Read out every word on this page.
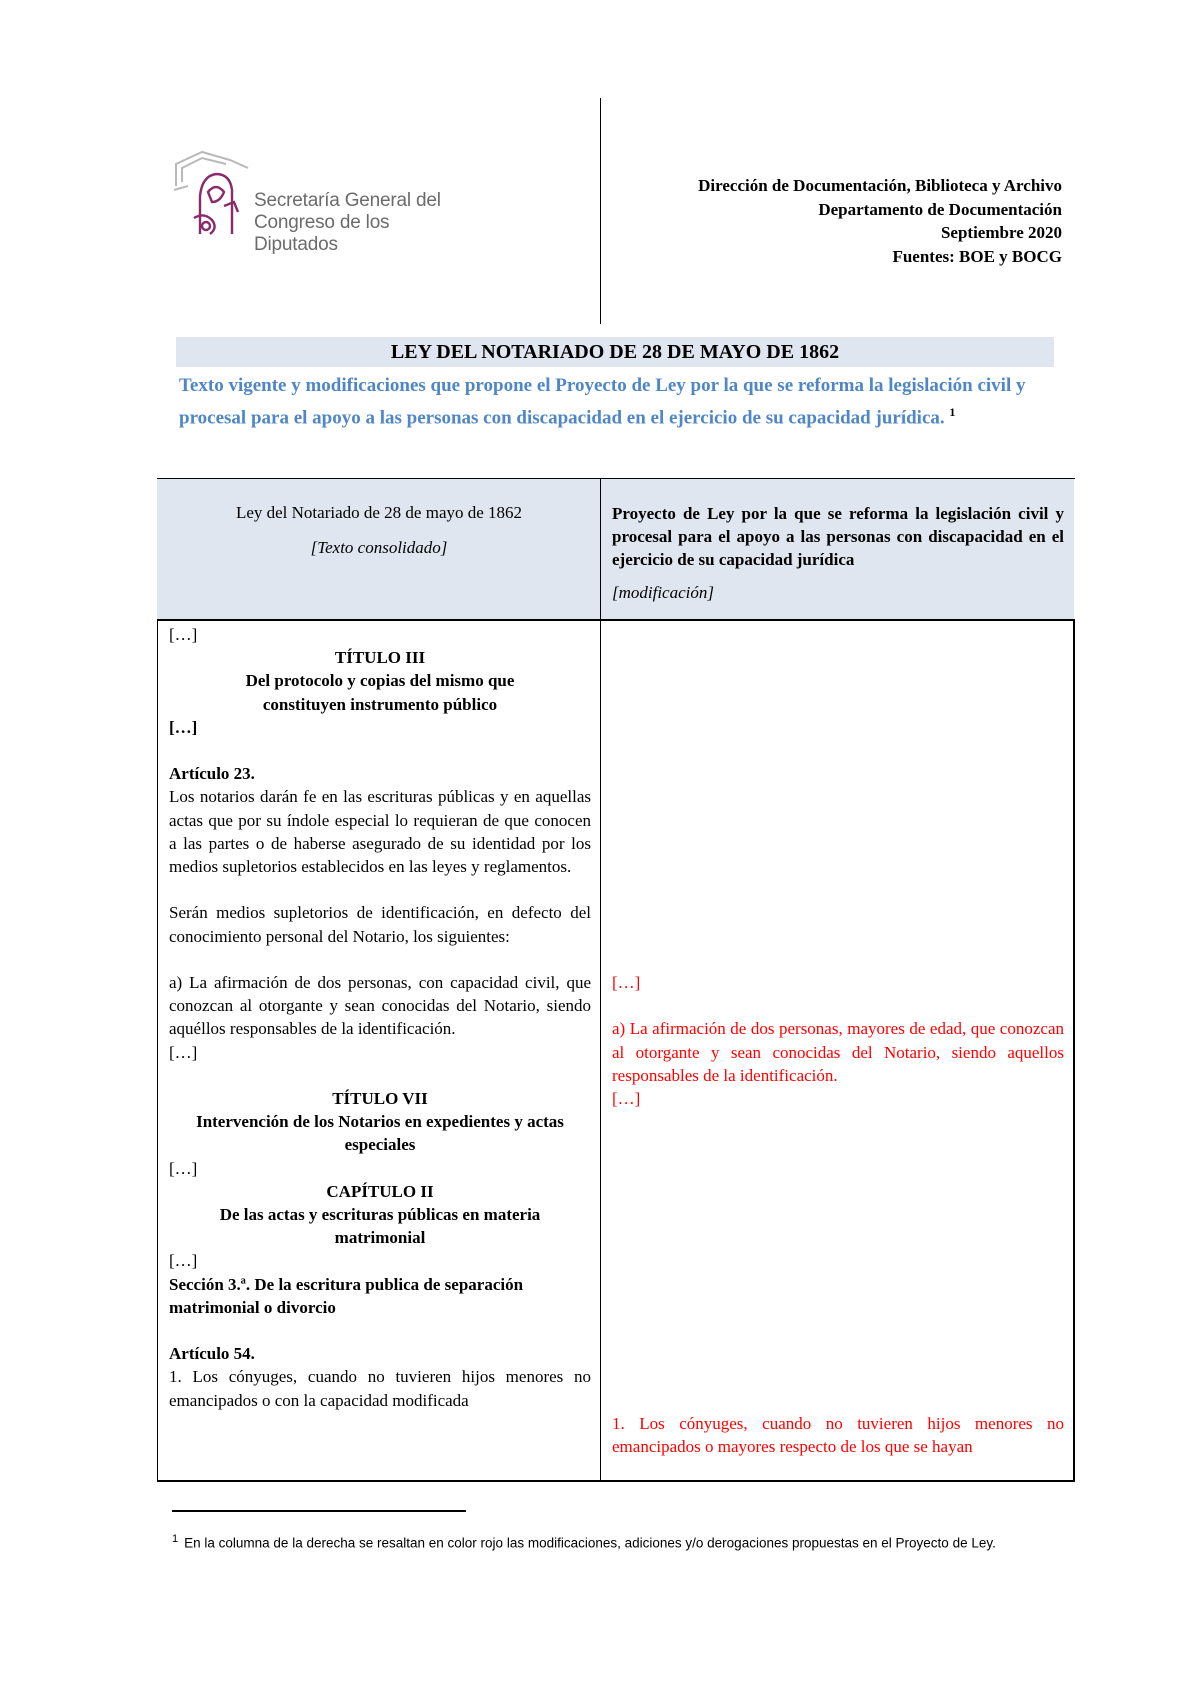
Secretaría General del
Congreso de los Diputados
Dirección de Documentación, Biblioteca y Archivo
Departamento de Documentación
Septiembre 2020
Fuentes: BOE y BOCG
LEY DEL NOTARIADO DE 28 DE MAYO DE 1862
Texto vigente y modificaciones que propone el Proyecto de Ley por la que se reforma la legislación civil y procesal para el apoyo a las personas con discapacidad en el ejercicio de su capacidad jurídica. $^1$
Ley del Notariado de 28 de mayo de 1862
[Texto consolidado]
Proyecto de Ley por la que se reforma la legislación civil y procesal para el apoyo a las personas con discapacidad en el ejercicio de su capacidad jurídica
[modificación]

[…]

TÍTULO III

Del protocolo y copias del mismo que constituyen instrumento público

[…]

Artículo 23.

Los notarios darán fe en las escrituras públicas y en aquellas actas que por su índole especial lo requieran de que conocen a las partes o de haberse asegurado de su identidad por los medios supletorios establecidos en las leyes y reglamentos.

Serán medios supletorios de identificación, en defecto del conocimiento personal del Notario, los siguientes:

a) La afirmación de dos personas, con capacidad civil, que conozcan al otorgante y sean conocidas del Notario, siendo aquéllos responsables de la identificación.

[…]

TÍTULO VII

Intervención de los Notarios en expedientes y actas especiales

[…]

CAPÍTULO II

De las actas y escrituras públicas en materia matrimonial

[…]

Sección 3.ª. De la escritura publica de separación matrimonial o divorcio

Artículo 54.

1. Los cónyuges, cuando no tuvieren hijos menores no emancipados o con la capacidad modificada

[…]

a) La afirmación de dos personas, mayores de edad, que conozcan al otorgante y sean conocidas del Notario, siendo aquellos responsables de la identificación.

[…]

1. Los cónyuges, cuando no tuvieren hijos menores no emancipados o mayores respecto de los que se hayan

$^1$ En la columna de la derecha se resaltan en color rojo las modificaciones, adiciones y/o derogaciones propuestas en el Proyecto de Ley.
